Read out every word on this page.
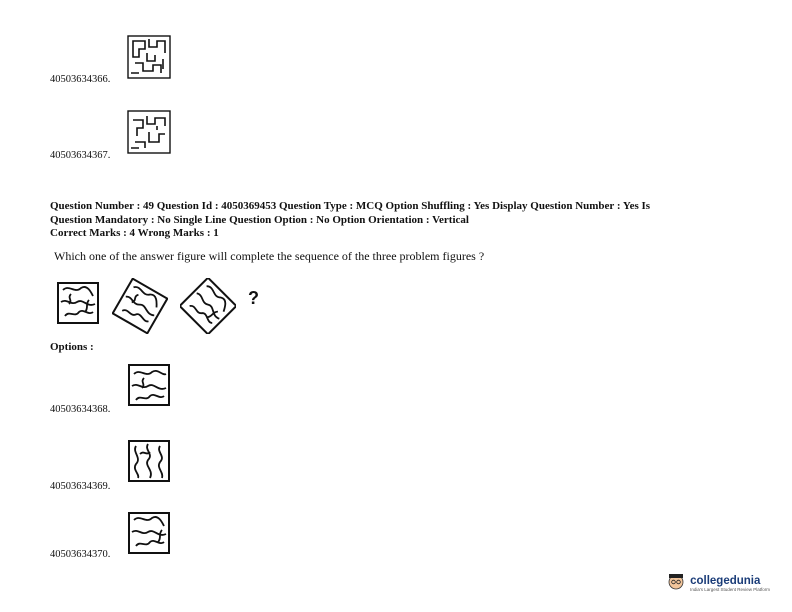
40503634366.
40503634367.
Question Number : 49 Question Id : 4050369453 Question Type : MCQ Option Shuffling : Yes Display Question Number : Yes Is
Question Mandatory : No Single Line Question Option : No Option Orientation : Vertical
Correct Marks : 4 Wrong Marks : 1
Which one of the answer figure will complete the sequence of the three problem figures ?
?
Options :
40503634368.
40503634369.
40503634370.
collegedunia
India's Largest Student Review Platform
